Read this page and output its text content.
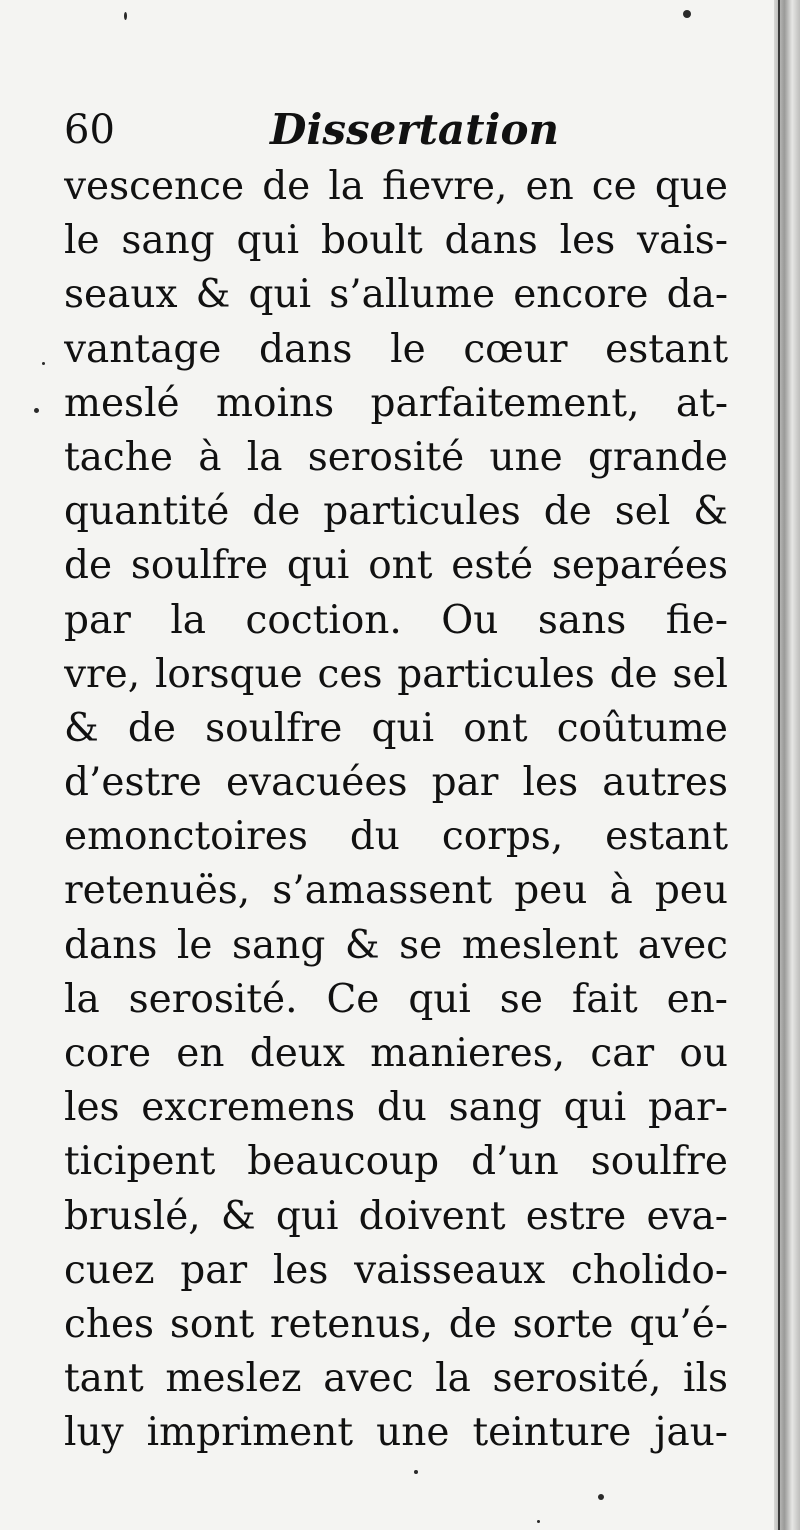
60	Dissertation
vescence de la fievre, en ce que
le sang qui boult dans les vais-
seaux & qui s’allume encore da-
vantage dans le cœur estant
meslé moins parfaitement, at-
tache à la serosité une grande
quantité de particules de sel &
de soulfre qui ont esté separées
par la coction. Ou sans fie-
vre, lorsque ces particules de sel
& de soulfre qui ont coûtume
d’estre evacuées par les autres
emonctoires du corps, estant
retenuës, s’amassent peu à peu
dans le sang & se meslent avec
la serosité. Ce qui se fait en-
core en deux manieres, car ou
les excremens du sang qui par-
ticipent beaucoup d’un soulfre
bruslé, & qui doivent estre eva-
cuez par les vaisseaux cholido-
ches sont retenus, de sorte qu’é-
tant meslez avec la serosité, ils
luy impriment une teinture jau-
